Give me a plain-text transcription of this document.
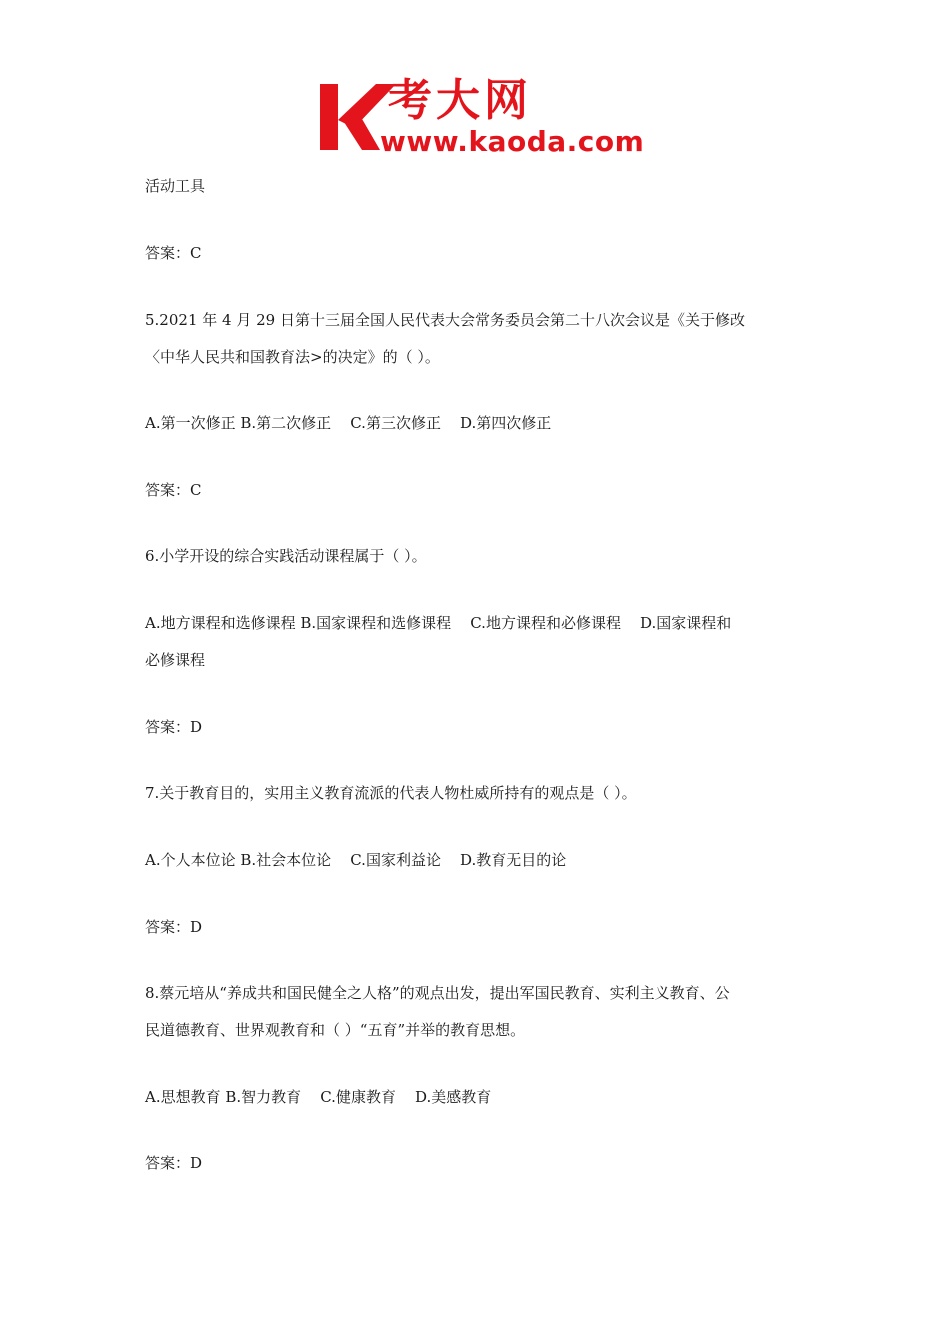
考大网
www.kaoda.com
活动工具
答案：C
5.2021 年 4 月 29 日第十三届全国人民代表大会常务委员会第二十八次会议是《关于修改
〈中华人民共和国教育法>的决定》的（ ）。
A.第一次修正 B.第二次修正    C.第三次修正    D.第四次修正
答案：C
6.小学开设的综合实践活动课程属于（ ）。
A.地方课程和选修课程 B.国家课程和选修课程    C.地方课程和必修课程    D.国家课程和
必修课程
答案：D
7.关于教育目的，实用主义教育流派的代表人物杜威所持有的观点是（ ）。
A.个人本位论 B.社会本位论    C.国家利益论    D.教育无目的论
答案：D
8.蔡元培从“养成共和国民健全之人格”的观点出发，提出军国民教育、实利主义教育、公
民道德教育、世界观教育和（ ）“五育”并举的教育思想。
A.思想教育 B.智力教育    C.健康教育    D.美感教育
答案：D
